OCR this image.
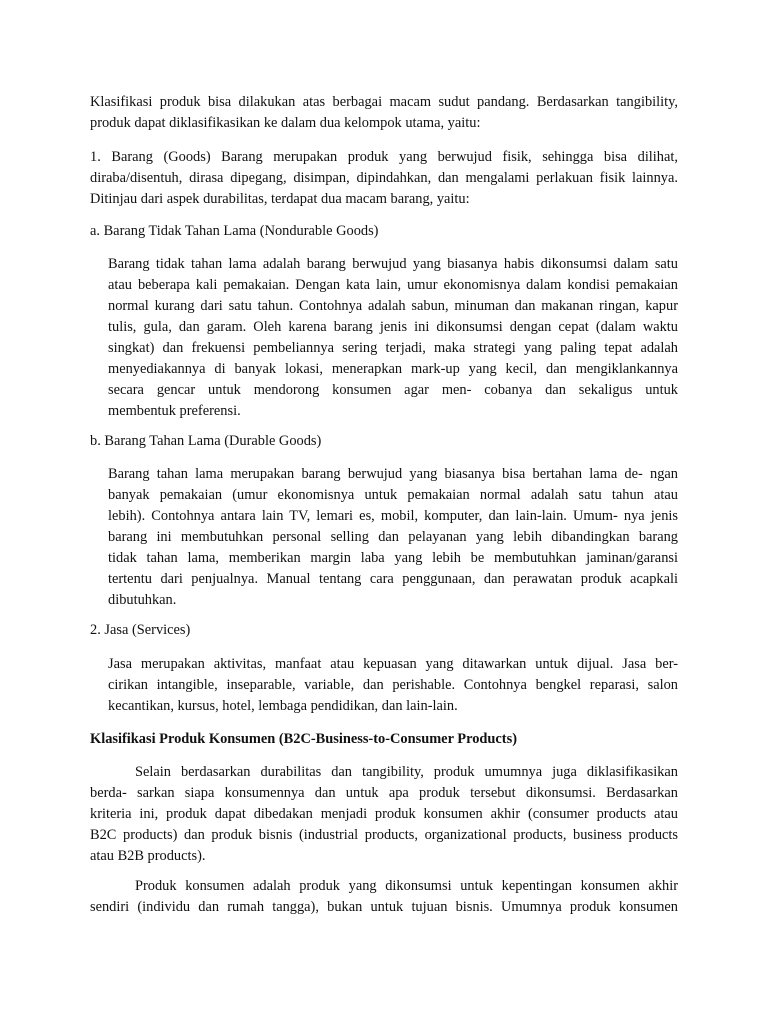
Klasifikasi produk bisa dilakukan atas berbagai macam sudut pandang. Berdasarkan tangibility,
produk dapat diklasifikasikan ke dalam dua kelompok utama, yaitu:
1. Barang (Goods) Barang merupakan produk yang berwujud fisik, sehingga bisa dilihat,
diraba/disentuh, dirasa dipegang, disimpan, dipindahkan, dan mengalami perlakuan fisik lainnya.
Ditinjau dari aspek durabilitas, terdapat dua macam barang, yaitu:
a. Barang Tidak Tahan Lama (Nondurable Goods)
Barang tidak tahan lama adalah barang berwujud yang biasanya habis dikonsumsi dalam satu
atau beberapa kali pemakaian. Dengan kata lain, umur ekonomisnya dalam kondisi pemakaian
normal kurang dari satu tahun. Contohnya adalah sabun, minuman dan makanan ringan, kapur
tulis, gula, dan garam. Oleh karena barang jenis ini dikonsumsi dengan cepat (dalam waktu
singkat) dan frekuensi pembeliannya sering terjadi, maka strategi yang paling tepat adalah
menyediakannya di banyak lokasi, menerapkan mark-up yang kecil, dan mengiklankannya
secara gencar untuk mendorong konsumen agar men- cobanya dan sekaligus untuk
membentuk preferensi.
b. Barang Tahan Lama (Durable Goods)
Barang tahan lama merupakan barang berwujud yang biasanya bisa bertahan lama de- ngan
banyak pemakaian (umur ekonomisnya untuk pemakaian normal adalah satu tahun atau
lebih). Contohnya antara lain TV, lemari es, mobil, komputer, dan lain-lain. Umum- nya jenis
barang ini membutuhkan personal selling dan pelayanan yang lebih dibandingkan barang
tidak tahan lama, memberikan margin laba yang lebih be membutuhkan jaminan/garansi
tertentu dari penjualnya. Manual tentang cara penggunaan, dan perawatan produk acapkali
dibutuhkan.
2. Jasa (Services)
Jasa merupakan aktivitas, manfaat atau kepuasan yang ditawarkan untuk dijual. Jasa ber-
cirikan intangible, inseparable, variable, dan perishable. Contohnya bengkel reparasi, salon
kecantikan, kursus, hotel, lembaga pendidikan, dan lain-lain.
Klasifikasi Produk Konsumen (B2C-Business-to-Consumer Products)
Selain berdasarkan durabilitas dan tangibility, produk umumnya juga diklasifikasikan
berda- sarkan siapa konsumennya dan untuk apa produk tersebut dikonsumsi. Berdasarkan
kriteria ini, produk dapat dibedakan menjadi produk konsumen akhir (consumer products atau
B2C products) dan produk bisnis (industrial products, organizational products, business products
atau B2B products).
Produk konsumen adalah produk yang dikonsumsi untuk kepentingan konsumen akhir
sendiri (individu dan rumah tangga), bukan untuk tujuan bisnis. Umumnya produk konsumen
